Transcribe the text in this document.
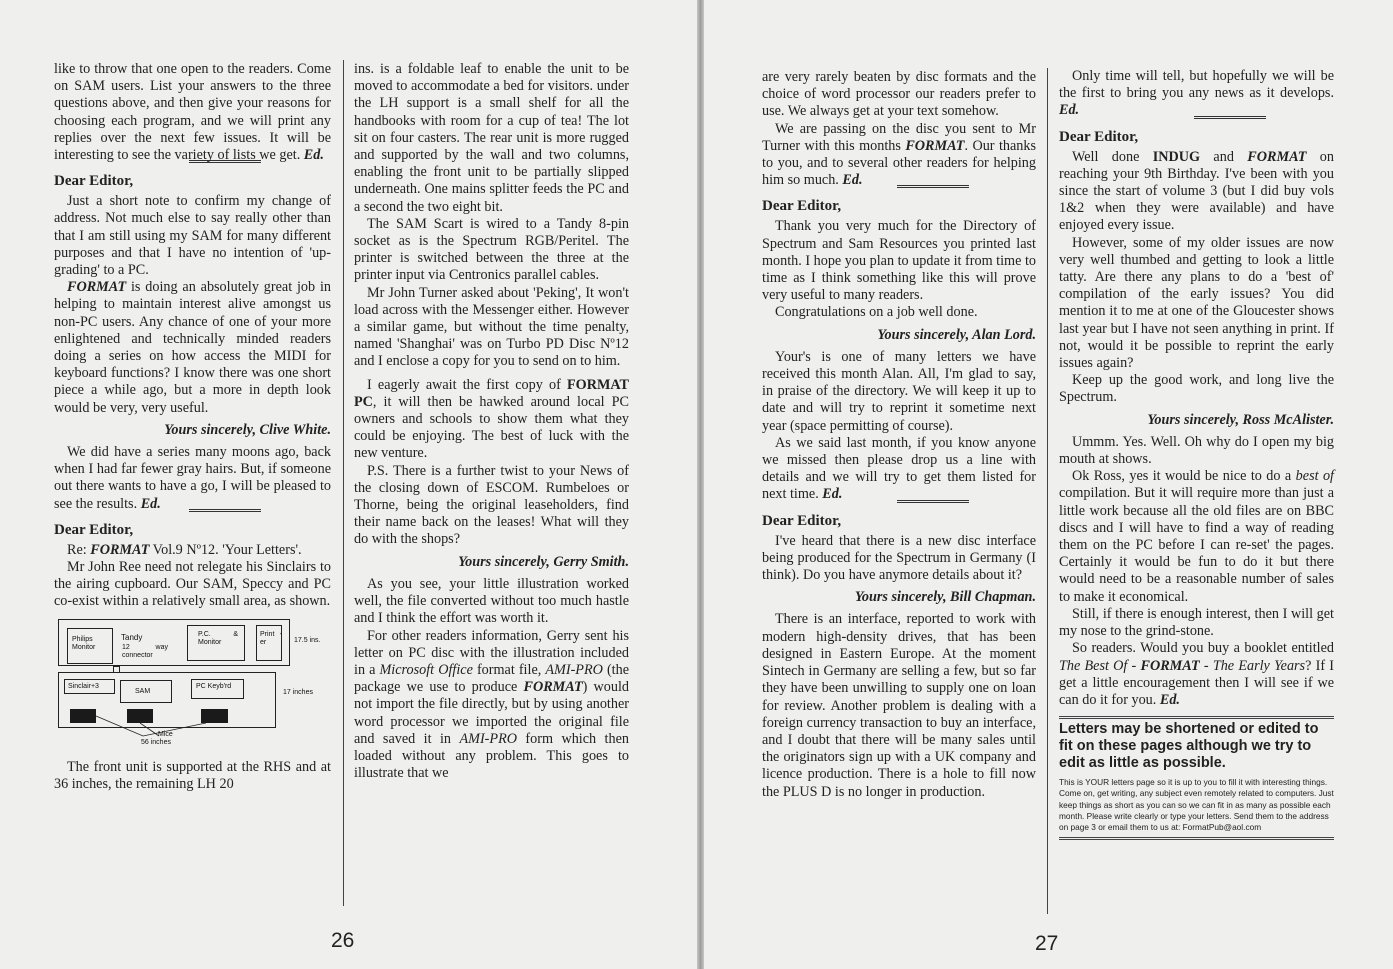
like to throw that one open to the readers. Come on SAM users. List your answers to the three questions above, and then give your reasons for choosing each program, and we will print any replies over the next few issues. It will be interesting to see the variety of lists we get. Ed.

Dear Editor,

Just a short note to confirm my change of address. Not much else to say really other than that I am still using my SAM for many different purposes and that I have no intention of 'up-grading' to a PC.

FORMAT is doing an absolutely great job in helping to maintain interest alive amongst us non-PC users. Any chance of one of your more enlightened and technically minded readers doing a series on how access the MIDI for keyboard functions? I know there was one short piece a while ago, but a more in depth look would be very, very useful.

Yours sincerely, Clive White.

We did have a series many moons ago, back when I had far fewer gray hairs. But, if someone out there wants to have a go, I will be pleased to see the results. Ed.

Dear Editor,

Re: FORMAT Vol.9 Nº12. 'Your Letters'.

Mr John Ree need not relegate his Sinclairs to the airing cupboard. Our SAM, Speccy and PC co-exist within a relatively small area, as shown.

Philips Monitor
Tandy
12 way connector
P.C. & Monitor
Print -er	17.5 ins.
Sinclair+3
SAM
PC Keyb'rd
17 inches
Mice
56 inches

The front unit is supported at the RHS and at 36 inches, the remaining LH 20

ins. is a foldable leaf to enable the unit to be moved to accommodate a bed for visitors. under the LH support is a small shelf for all the handbooks with room for a cup of tea! The lot sit on four casters. The rear unit is more rugged and supported by the wall and two columns, enabling the front unit to be partially slipped underneath. One mains splitter feeds the PC and a second the two eight bit.

The SAM Scart is wired to a Tandy 8-pin socket as is the Spectrum RGB/Peritel. The printer is switched between the three at the printer input via Centronics parallel cables.

Mr John Turner asked about 'Peking', It won't load across with the Messenger either. However a similar game, but without the time penalty, named 'Shanghai' was on Turbo PD Disc Nº12 and I enclose a copy for you to send on to him.

I eagerly await the first copy of FORMAT PC, it will then be hawked around local PC owners and schools to show them what they could be enjoying. The best of luck with the new venture.

P.S. There is a further twist to your News of the closing down of ESCOM. Rumbeloes or Thorne, being the original leaseholders, find their name back on the leases! What will they do with the shops?

Yours sincerely, Gerry Smith.

As you see, your little illustration worked well, the file converted without too much hastle and I think the effort was worth it.

For other readers information, Gerry sent his letter on PC disc with the illustration included in a Microsoft Office format file, AMI-PRO (the package we use to produce FORMAT) would not import the file directly, but by using another word processor we imported the original file and saved it in AMI-PRO form which then loaded without any problem. This goes to illustrate that we

26

are very rarely beaten by disc formats and the choice of word processor our readers prefer to use. We always get at your text somehow.

We are passing on the disc you sent to Mr Turner with this months FORMAT. Our thanks to you, and to several other readers for helping him so much. Ed.

Dear Editor,

Thank you very much for the Directory of Spectrum and Sam Resources you printed last month. I hope you plan to update it from time to time as I think something like this will prove very useful to many readers.

Congratulations on a job well done.

Yours sincerely, Alan Lord.

Your's is one of many letters we have received this month Alan. All, I'm glad to say, in praise of the directory. We will keep it up to date and will try to reprint it sometime next year (space permitting of course).

As we said last month, if you know anyone we missed then please drop us a line with details and we will try to get them listed for next time. Ed.

Dear Editor,

I've heard that there is a new disc interface being produced for the Spectrum in Germany (I think). Do you have anymore details about it?

Yours sincerely, Bill Chapman.

There is an interface, reported to work with modern high-density drives, that has been designed in Eastern Europe. At the moment Sintech in Germany are selling a few, but so far they have been unwilling to supply one on loan for review. Another problem is dealing with a foreign currency transaction to buy an interface, and I doubt that there will be many sales until the originators sign up with a UK company and licence production. There is a hole to fill now the PLUS D is no longer in production.

Only time will tell, but hopefully we will be the first to bring you any news as it develops. Ed.

Dear Editor,

Well done INDUG and FORMAT on reaching your 9th Birthday. I've been with you since the start of volume 3 (but I did buy vols 1&2 when they were available) and have enjoyed every issue.

However, some of my older issues are now very well thumbed and getting to look a little tatty. Are there any plans to do a 'best of' compilation of the early issues? You did mention it to me at one of the Gloucester shows last year but I have not seen anything in print. If not, would it be possible to reprint the early issues again?

Keep up the good work, and long live the Spectrum.

Yours sincerely, Ross McAlister.

Ummm. Yes. Well. Oh why do I open my big mouth at shows.

Ok Ross, yes it would be nice to do a best of compilation. But it will require more than just a little work because all the old files are on BBC discs and I will have to find a way of reading them on the PC before I can re-set' the pages. Certainly it would be fun to do it but there would need to be a reasonable number of sales to make it economical.

Still, if there is enough interest, then I will get my nose to the grind-stone.

So readers. Would you buy a booklet entitled The Best Of - FORMAT - The Early Years? If I get a little encouragement then I will see if we can do it for you. Ed.

Letters may be shortened or edited to fit on these pages although we try to edit as little as possible.
This is YOUR letters page so it is up to you to fill it with interesting things. Come on, get writing, any subject even remotely related to computers. Just keep things as short as you can so we can fit in as many as possible each month. Please write clearly or type your letters. Send them to the address on page 3 or email them to us at: FormatPub@aol.com
27
